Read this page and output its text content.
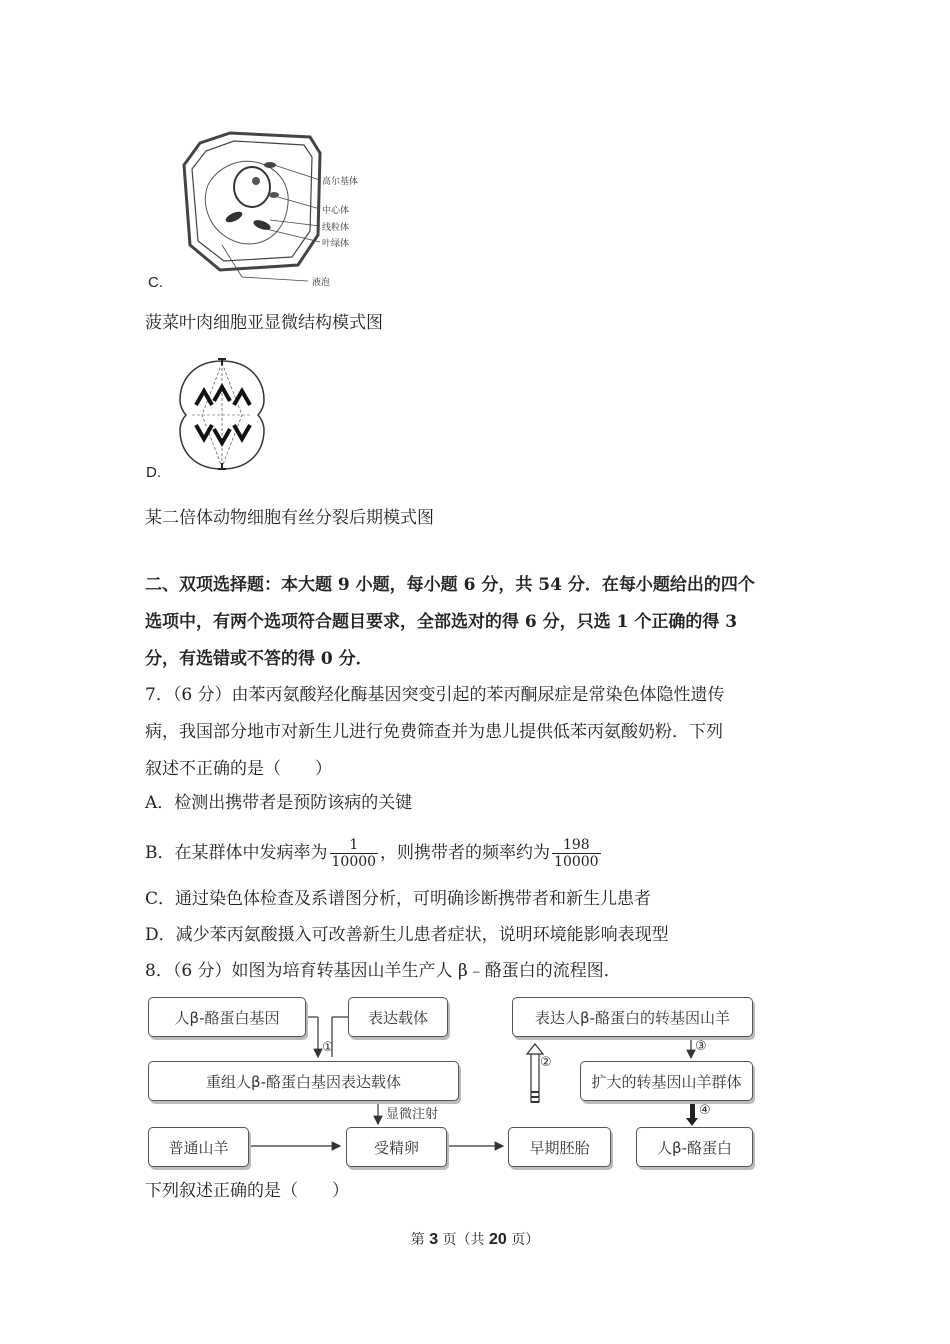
高尔基体
中心体
线粒体
叶绿体
液泡
C.
菠菜叶肉细胞亚显微结构模式图
D.
某二倍体动物细胞有丝分裂后期模式图
二、双项选择题：本大题 9 小题，每小题 6 分，共 54 分．在每小题给出的四个
选项中，有两个选项符合题目要求，全部选对的得 6 分，只选 1 个正确的得 3
分，有选错或不答的得 0 分．
7．（6 分）由苯丙氨酸羟化酶基因突变引起的苯丙酮尿症是常染色体隐性遗传
病，我国部分地市对新生儿进行免费筛查并为患儿提供低苯丙氨酸奶粉．下列
叙述不正确的是（　　）
A．检测出携带者是预防该病的关键
B．在某群体中发病率为 $\frac{1}{10000}$ ，则携带者的频率约为 $\frac{198}{10000}$
C．通过染色体检查及系谱图分析，可明确诊断携带者和新生儿患者
D．减少苯丙氨酸摄入可改善新生儿患者症状，说明环境能影响表现型
8．（6 分）如图为培育转基因山羊生产人 β﹣酪蛋白的流程图．
人β-酪蛋白基因	表达载体
①
重组人β-酪蛋白基因表达载体
显微注射
普通山羊	受精卵	早期胚胎
②
表达人β-酪蛋白的转基因山羊
③
扩大的转基因山羊群体
④
人β-酪蛋白
下列叙述正确的是（　　）
第 3 页（共 20 页）
